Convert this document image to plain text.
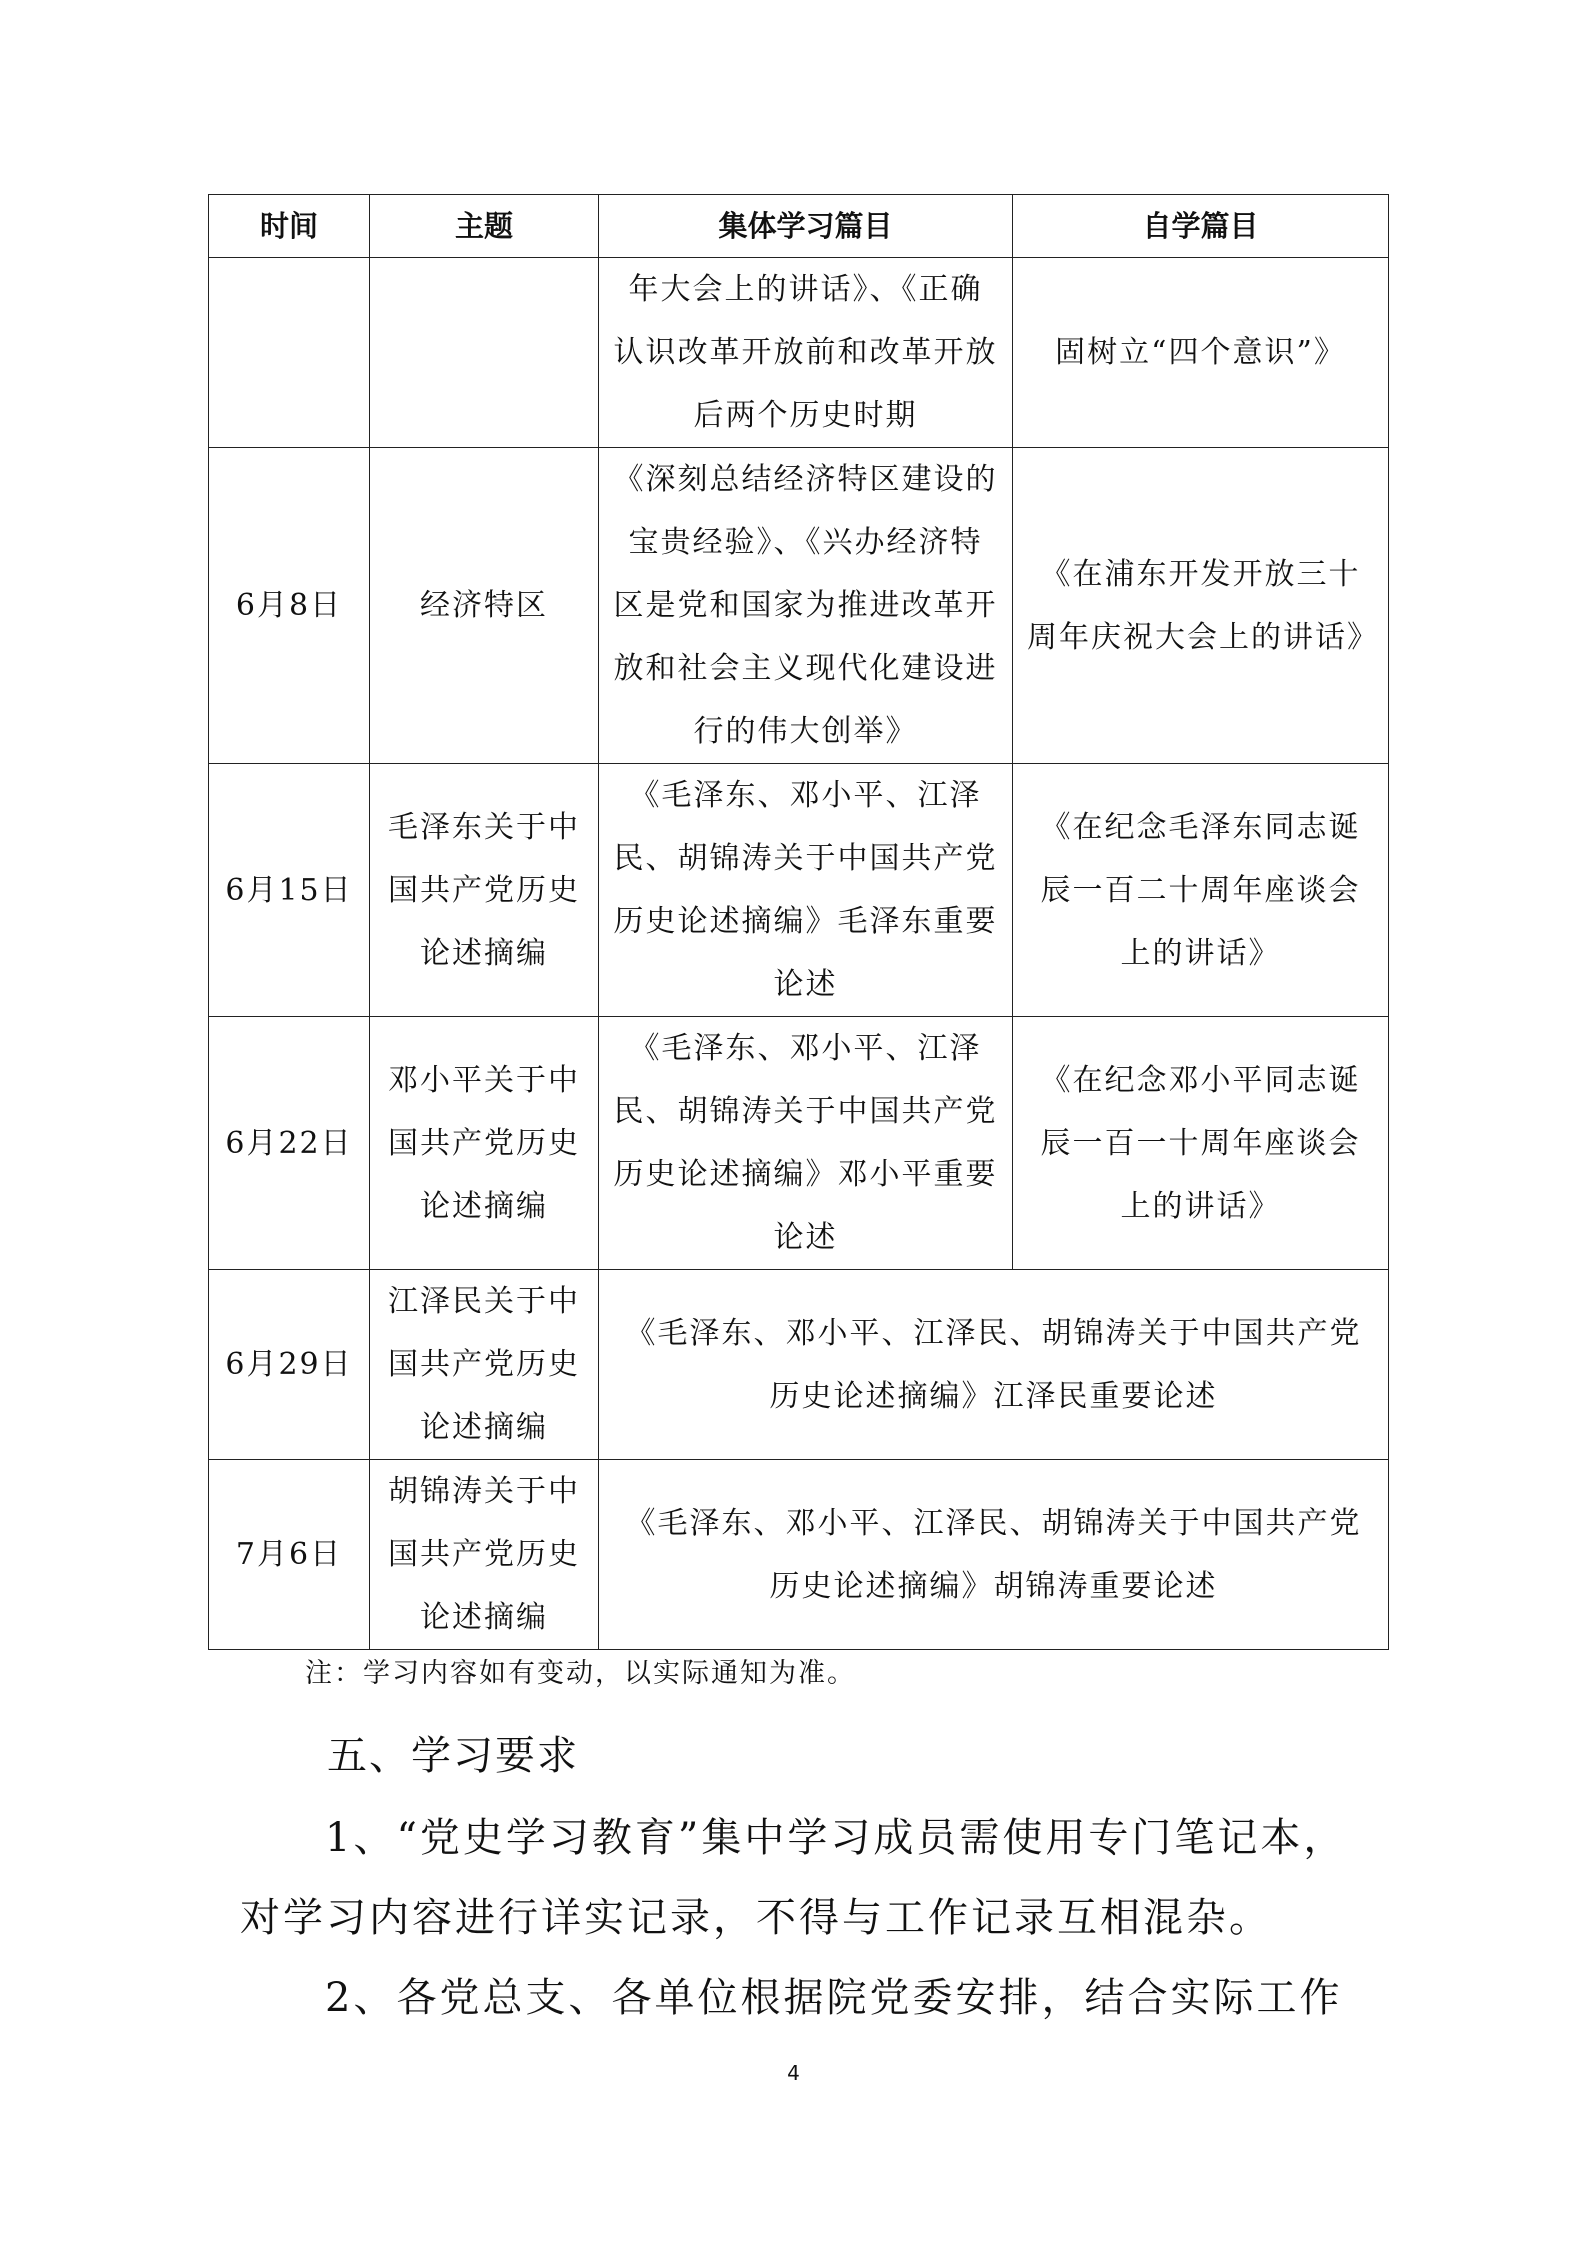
时间	主题	集体学习篇目	自学篇目
		年大会上的讲话》、《正确认识改革开放前和改革开放后两个历史时期	固树立“四个意识”》
6月8日	经济特区	《深刻总结经济特区建设的宝贵经验》、《兴办经济特区是党和国家为推进改革开放和社会主义现代化建设进行的伟大创举》	《在浦东开发开放三十周年庆祝大会上的讲话》
6月15日	毛泽东关于中国共产党历史论述摘编	《毛泽东、邓小平、江泽民、胡锦涛关于中国共产党历史论述摘编》毛泽东重要论述	《在纪念毛泽东同志诞辰一百二十周年座谈会上的讲话》
6月22日	邓小平关于中国共产党历史论述摘编	《毛泽东、邓小平、江泽民、胡锦涛关于中国共产党历史论述摘编》邓小平重要论述	《在纪念邓小平同志诞辰一百一十周年座谈会上的讲话》
6月29日	江泽民关于中国共产党历史论述摘编	《毛泽东、邓小平、江泽民、胡锦涛关于中国共产党历史论述摘编》江泽民重要论述	
7月6日	胡锦涛关于中国共产党历史论述摘编	《毛泽东、邓小平、江泽民、胡锦涛关于中国共产党历史论述摘编》胡锦涛重要论述	
注：学习内容如有变动，以实际通知为准。
五、学习要求
1、“党史学习教育”集中学习成员需使用专门笔记本，对学习内容进行详实记录，不得与工作记录互相混杂。
2、各党总支、各单位根据院党委安排，结合实际工作
4
